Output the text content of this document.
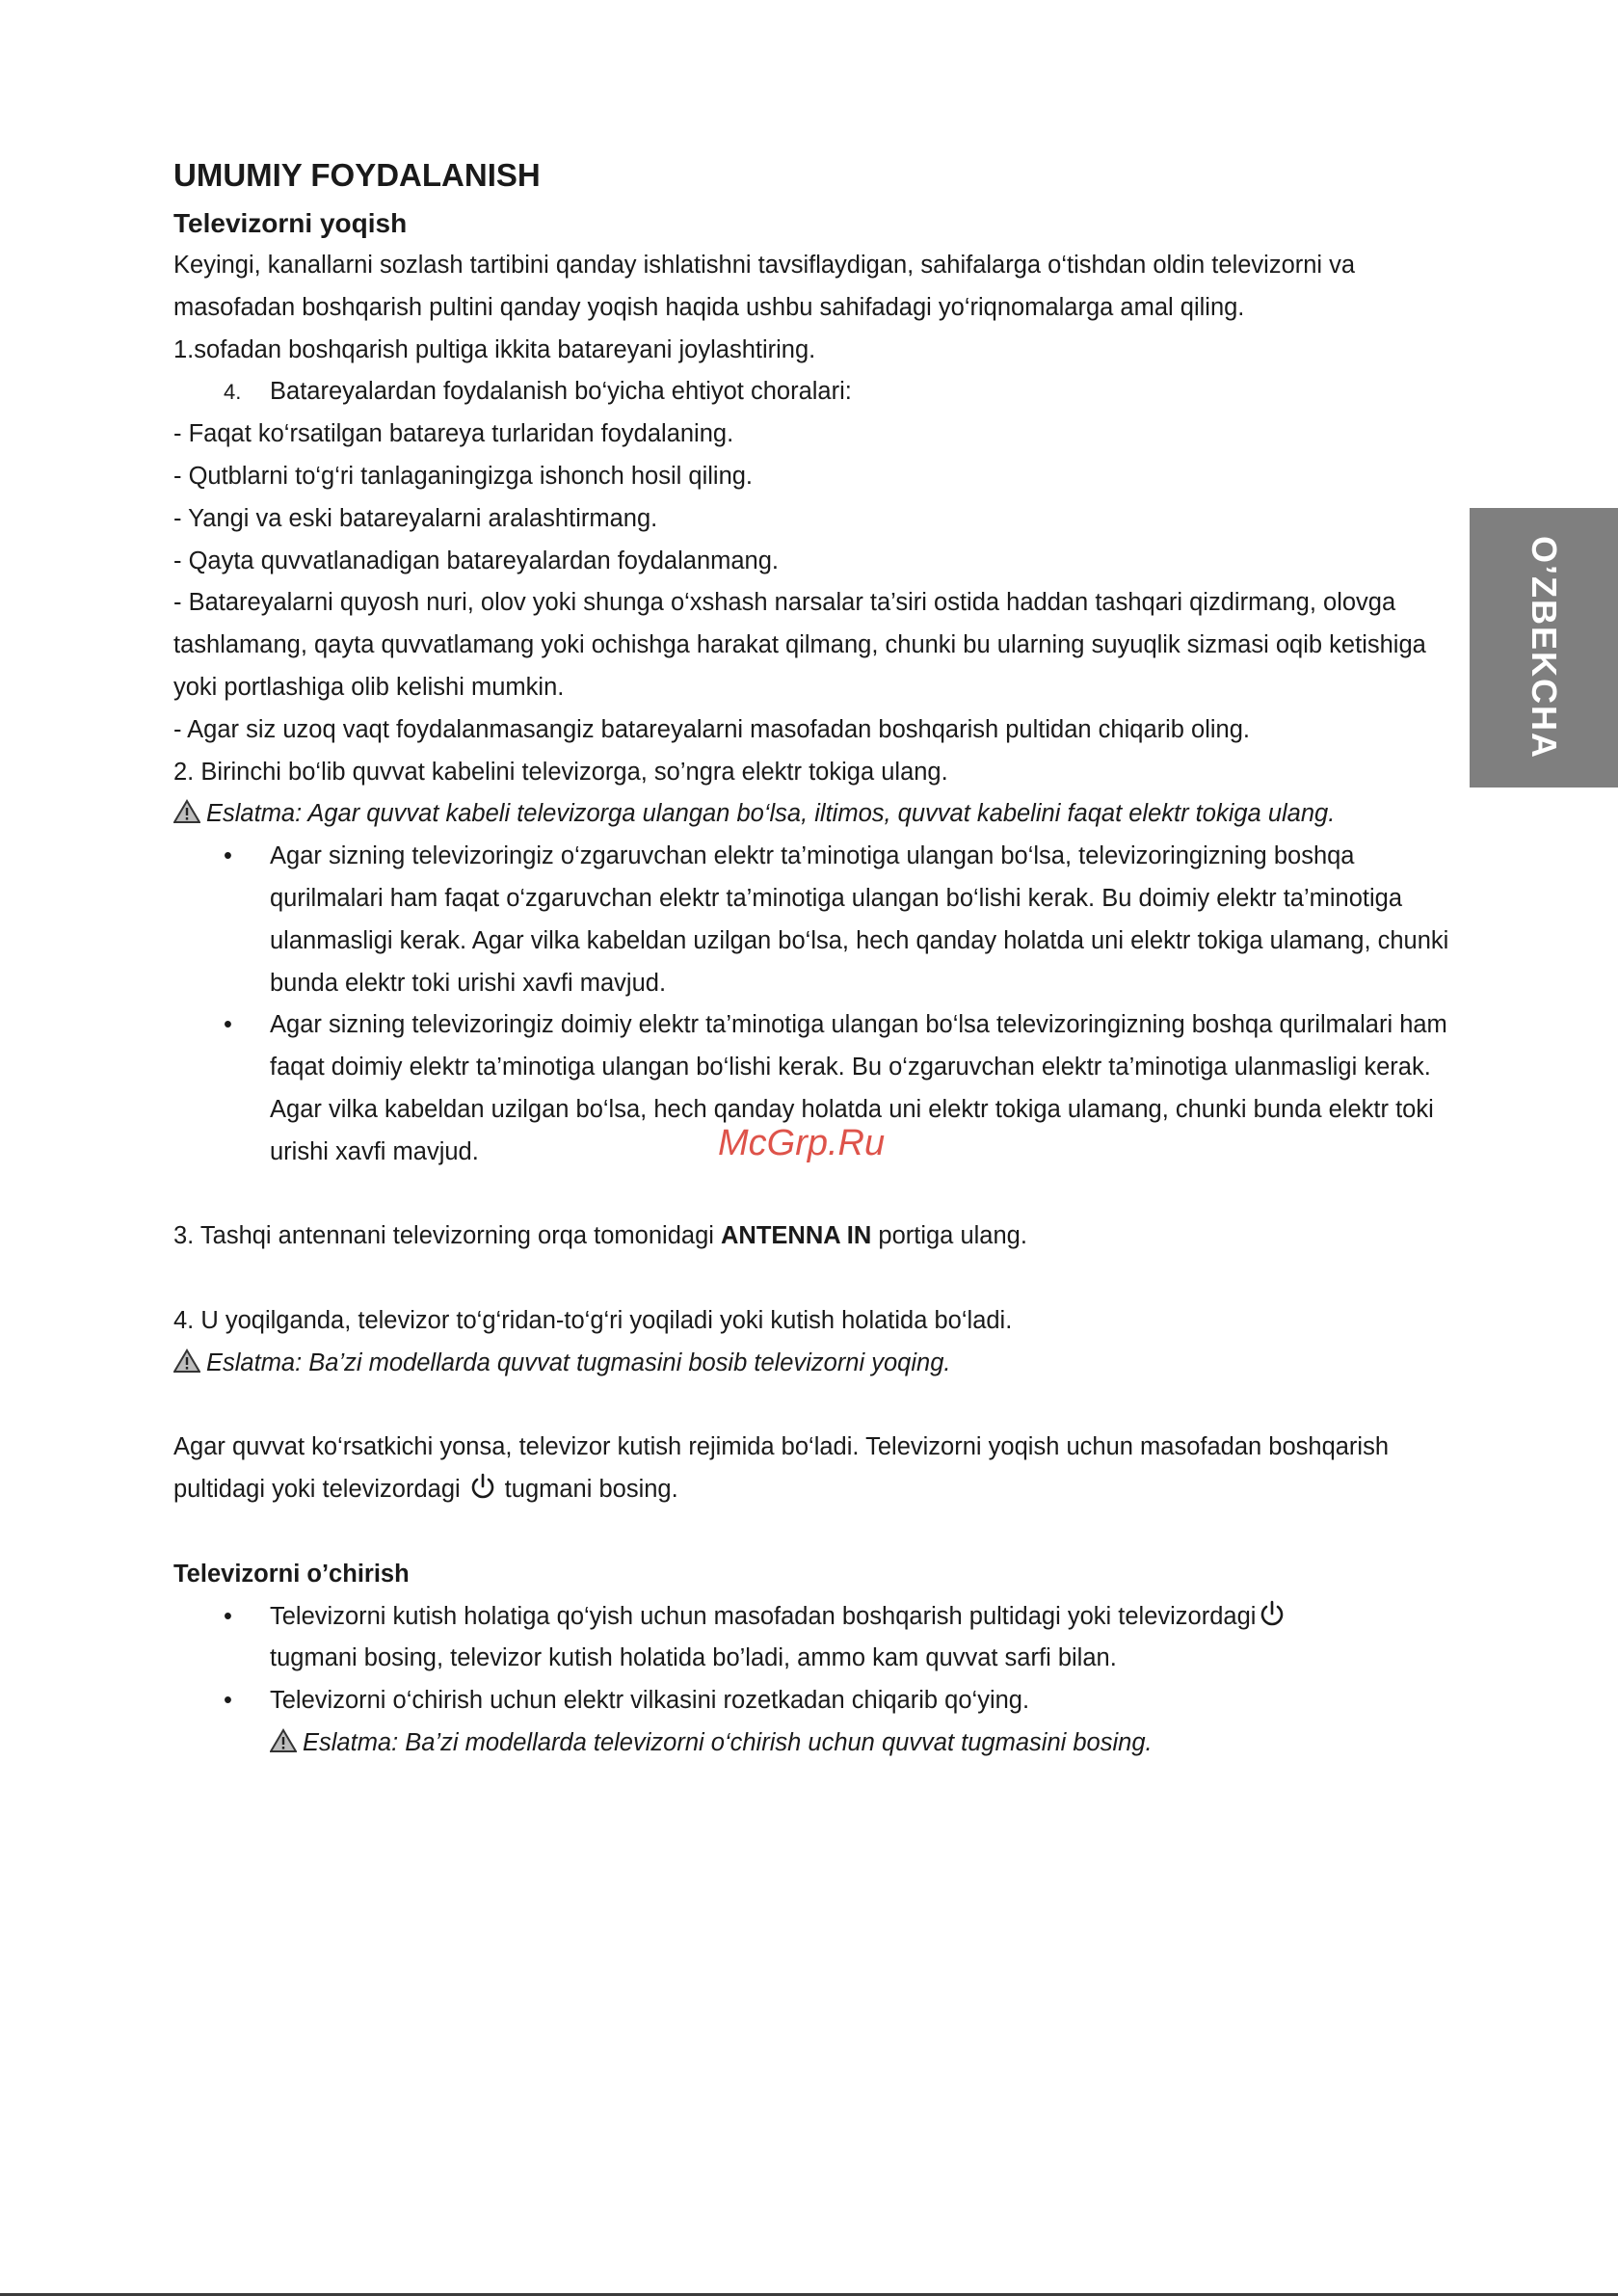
UMUMIY FOYDALANISH

Televizorni yoqish

Keyingi, kanallarni sozlash tartibini qanday ishlatishni tavsiflaydigan, sahifalarga o‘tishdan oldin televizorni va masofadan boshqarish pultini qanday yoqish haqida ushbu sahifadagi yo‘riqnomalarga amal qiling.

1.sofadan boshqarish pultiga ikkita batareyani joylashtiring.

4. Batareyalardan foydalanish bo‘yicha ehtiyot choralari:

- Faqat ko‘rsatilgan batareya turlaridan foydalaning.

- Qutblarni to‘g‘ri tanlaganingizga ishonch hosil qiling.

- Yangi va eski batareyalarni aralashtirmang.

- Qayta quvvatlanadigan batareyalardan foydalanmang.

- Batareyalarni quyosh nuri, olov yoki shunga o‘xshash narsalar ta’siri ostida haddan tashqari qizdirmang, olovga tashlamang, qayta quvvatlamang yoki ochishga harakat qilmang, chunki bu ularning suyuqlik sizmasi oqib ketishiga yoki portlashiga olib kelishi mumkin.

- Agar siz uzoq vaqt foydalanmasangiz batareyalarni masofadan boshqarish pultidan chiqarib oling.

2. Birinchi bo‘lib quvvat kabelini televizorga, so’ngra elektr tokiga ulang.

Eslatma: Agar quvvat kabeli televizorga ulangan bo‘lsa, iltimos, quvvat kabelini faqat elektr tokiga ulang.

• Agar sizning televizoringiz o‘zgaruvchan elektr ta’minotiga ulangan bo‘lsa, televizoringizning boshqa qurilmalari ham faqat o‘zgaruvchan elektr ta’minotiga ulangan bo‘lishi kerak. Bu doimiy elektr ta’minotiga ulanmasligi kerak. Agar vilka kabeldan uzilgan bo‘lsa, hech qanday holatda uni elektr tokiga ulamang, chunki bunda elektr toki urishi xavfi mavjud.
• Agar sizning televizoringiz doimiy elektr ta’minotiga ulangan bo‘lsa televizoringizning boshqa qurilmalari ham faqat doimiy elektr ta’minotiga ulangan bo‘lishi kerak. Bu o‘zgaruvchan elektr ta’minotiga ulanmasligi kerak. Agar vilka kabeldan uzilgan bo‘lsa, hech qanday holatda uni elektr tokiga ulamang, chunki bunda elektr toki urishi xavfi mavjud.

3. Tashqi antennani televizorning orqa tomonidagi ANTENNA IN portiga ulang.

4. U yoqilganda, televizor to‘g‘ridan-to‘g‘ri yoqiladi yoki kutish holatida bo‘ladi.

Eslatma: Ba’zi modellarda quvvat tugmasini bosib televizorni yoqing.

Agar quvvat ko‘rsatkichi yonsa, televizor kutish rejimida bo‘ladi. Televizorni yoqish uchun masofadan boshqarish pultidagi yoki televizordagi tugmani bosing.

Televizorni o’chirish

• Televizorni kutish holatiga qo‘yish uchun masofadan boshqarish pultidagi yoki televizordagi
tugmani bosing, televizor kutish holatida bo’ladi, ammo kam quvvat sarfi bilan.
• Televizorni o‘chirish uchun elektr vilkasini rozetkadan chiqarib qo‘ying.
Eslatma: Ba’zi modellarda televizorni o‘chirish uchun quvvat tugmasini bosing.
O’ZBEKCHA
McGrp.Ru
